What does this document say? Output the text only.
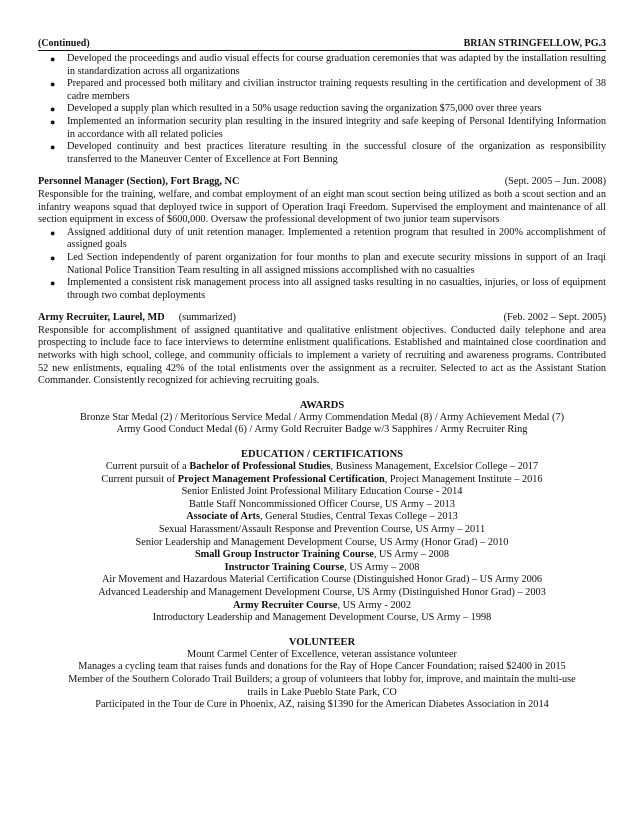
(Continued)	BRIAN STRINGFELLOW, PG.3
● Developed the proceedings and audio visual effects for course graduation ceremonies that was adapted by the installation resulting in standardization across all organizations
● Prepared and processed both military and civilian instructor training requests resulting in the certification and development of 38 cadre members
● Developed a supply plan which resulted in a 50% usage reduction saving the organization $75,000 over three years
● Implemented an information security plan resulting in the insured integrity and safe keeping of Personal Identifying Information in accordance with all related policies
● Developed continuity and best practices literature resulting in the successful closure of the organization as responsibility transferred to the Maneuver Center of Excellence at Fort Benning
Personnel Manager (Section), Fort Bragg, NC	(Sept. 2005 – Jun. 2008)
Responsible for the training, welfare, and combat employment of an eight man scout section being utilized as both a scout section and an infantry weapons squad that deployed twice in support of Operation Iraqi Freedom. Supervised the employment and maintenance of all section equipment in excess of $600,000. Oversaw the professional development of two junior team supervisors
● Assigned additional duty of unit retention manager. Implemented a retention program that resulted in 200% accomplishment of assigned goals
● Led Section independently of parent organization for four months to plan and execute security missions in support of an Iraqi National Police Transition Team resulting in all assigned missions accomplished with no casualties
● Implemented a consistent risk management process into all assigned tasks resulting in no casualties, injuries, or loss of equipment through two combat deployments
Army Recruiter, Laurel, MD (summarized)	(Feb. 2002 – Sept. 2005)
Responsible for accomplishment of assigned quantitative and qualitative enlistment objectives. Conducted daily telephone and area prospecting to include face to face interviews to determine enlistment qualifications. Established and maintained close coordination and networks with high school, college, and community officials to implement a variety of recruiting and awareness programs. Contributed 52 new enlistments, equaling 42% of the total enlistments over the assignment as a recruiter. Selected to act as the Assistant Station Commander. Consistently recognized for achieving recruiting goals.
AWARDS
Bronze Star Medal (2) / Meritorious Service Medal / Army Commendation Medal (8) / Army Achievement Medal (7)
Army Good Conduct Medal (6) / Army Gold Recruiter Badge w/3 Sapphires / Army Recruiter Ring
EDUCATION / CERTIFICATIONS
Current pursuit of a Bachelor of Professional Studies, Business Management, Excelsior College – 2017
Current pursuit of Project Management Professional Certification, Project Management Institute – 2016
Senior Enlisted Joint Professional Military Education Course - 2014
Battle Staff Noncommissioned Officer Course, US Army – 2013
Associate of Arts, General Studies, Central Texas College – 2013
Sexual Harassment/Assault Response and Prevention Course, US Army – 2011
Senior Leadership and Management Development Course, US Army (Honor Grad) – 2010
Small Group Instructor Training Course, US Army – 2008
Instructor Training Course, US Army – 2008
Air Movement and Hazardous Material Certification Course (Distinguished Honor Grad) – US Army 2006
Advanced Leadership and Management Development Course, US Army (Distinguished Honor Grad) – 2003
Army Recruiter Course, US Army - 2002
Introductory Leadership and Management Development Course, US Army – 1998
VOLUNTEER
Mount Carmel Center of Excellence, veteran assistance volunteer
Manages a cycling team that raises funds and donations for the Ray of Hope Cancer Foundation; raised $2400 in 2015
Member of the Southern Colorado Trail Builders; a group of volunteers that lobby for, improve, and maintain the multi-use
trails in Lake Pueblo State Park, CO
Participated in the Tour de Cure in Phoenix, AZ, raising $1390 for the American Diabetes Association in 2014
